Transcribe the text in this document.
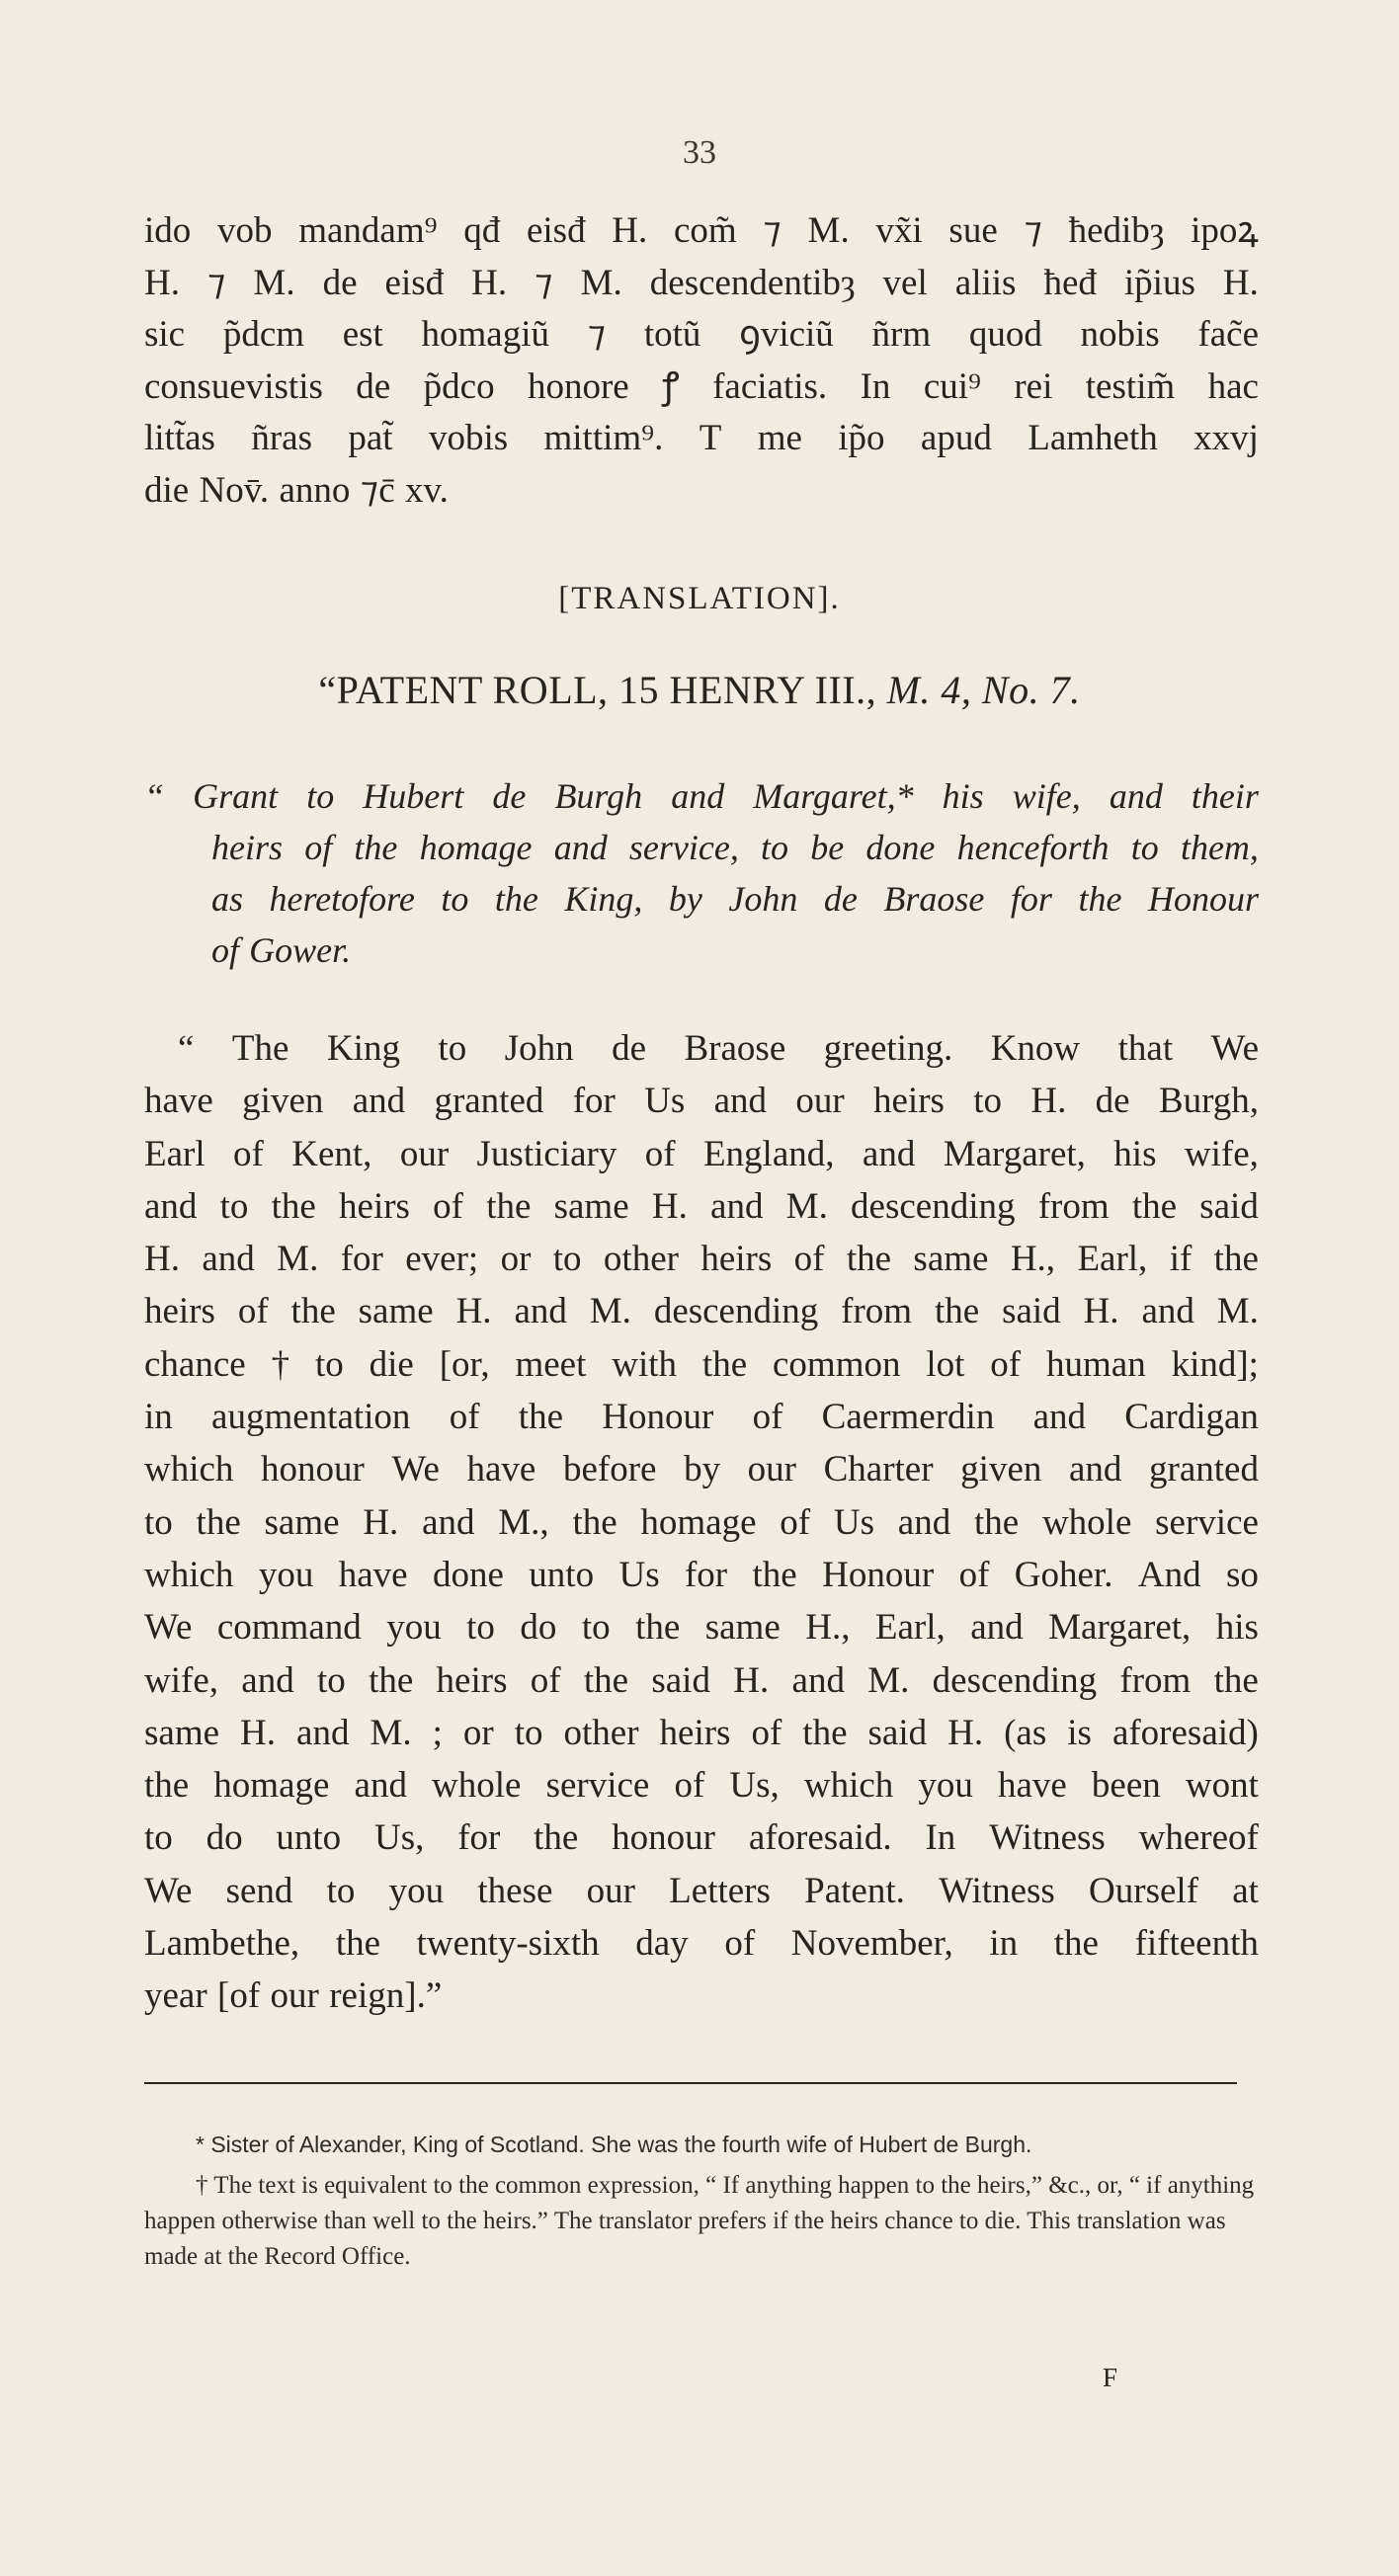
33
ido vob mandam⁹ qđ eisđ H. com̃ ⁊ M. vx̃i sue ⁊ ħedibȝ ipoꝝ
H. ⁊ M. de eisđ H. ⁊ M. descendentibȝ vel aliis ħeđ ip̃ius H.
sic p̃dcm est homagiũ ⁊ totũ ꝯviciũ ñrm quod nobis fac̃e
consuevistis de p̃dco honore ꝭ faciatis. In cui⁹ rei testim̃ hac
litt̃as ñras pat̃ vobis mittim⁹. T me ip̃o apud Lamheth xxvj
die Nov̄. anno ⁊c̄ xv.
[TRANSLATION].
“PATENT ROLL, 15 HENRY III., M. 4, No. 7.
“ Grant to Hubert de Burgh and Margaret,* his wife, and their
heirs of the homage and service, to be done henceforth to them,
as heretofore to the King, by John de Braose for the Honour
of Gower.
“ The King to John de Braose greeting. Know that We
have given and granted for Us and our heirs to H. de Burgh,
Earl of Kent, our Justiciary of England, and Margaret, his wife,
and to the heirs of the same H. and M. descending from the said
H. and M. for ever; or to other heirs of the same H., Earl, if the
heirs of the same H. and M. descending from the said H. and M.
chance † to die [or, meet with the common lot of human kind];
in augmentation of the Honour of Caermerdin and Cardigan
which honour We have before by our Charter given and granted
to the same H. and M., the homage of Us and the whole service
which you have done unto Us for the Honour of Goher. And so
We command you to do to the same H., Earl, and Margaret, his
wife, and to the heirs of the said H. and M. descending from the
same H. and M. ; or to other heirs of the said H. (as is aforesaid)
the homage and whole service of Us, which you have been wont
to do unto Us, for the honour aforesaid. In Witness whereof
We send to you these our Letters Patent. Witness Ourself at
Lambethe, the twenty-sixth day of November, in the fifteenth
year [of our reign].”

* Sister of Alexander, King of Scotland. She was the fourth wife of Hubert de Burgh.

† The text is equivalent to the common expression, “ If anything happen to the heirs,” &c., or, “ if anything happen otherwise than well to the heirs.” The translator prefers if the heirs chance to die. This translation was made at the Record Office.

F
